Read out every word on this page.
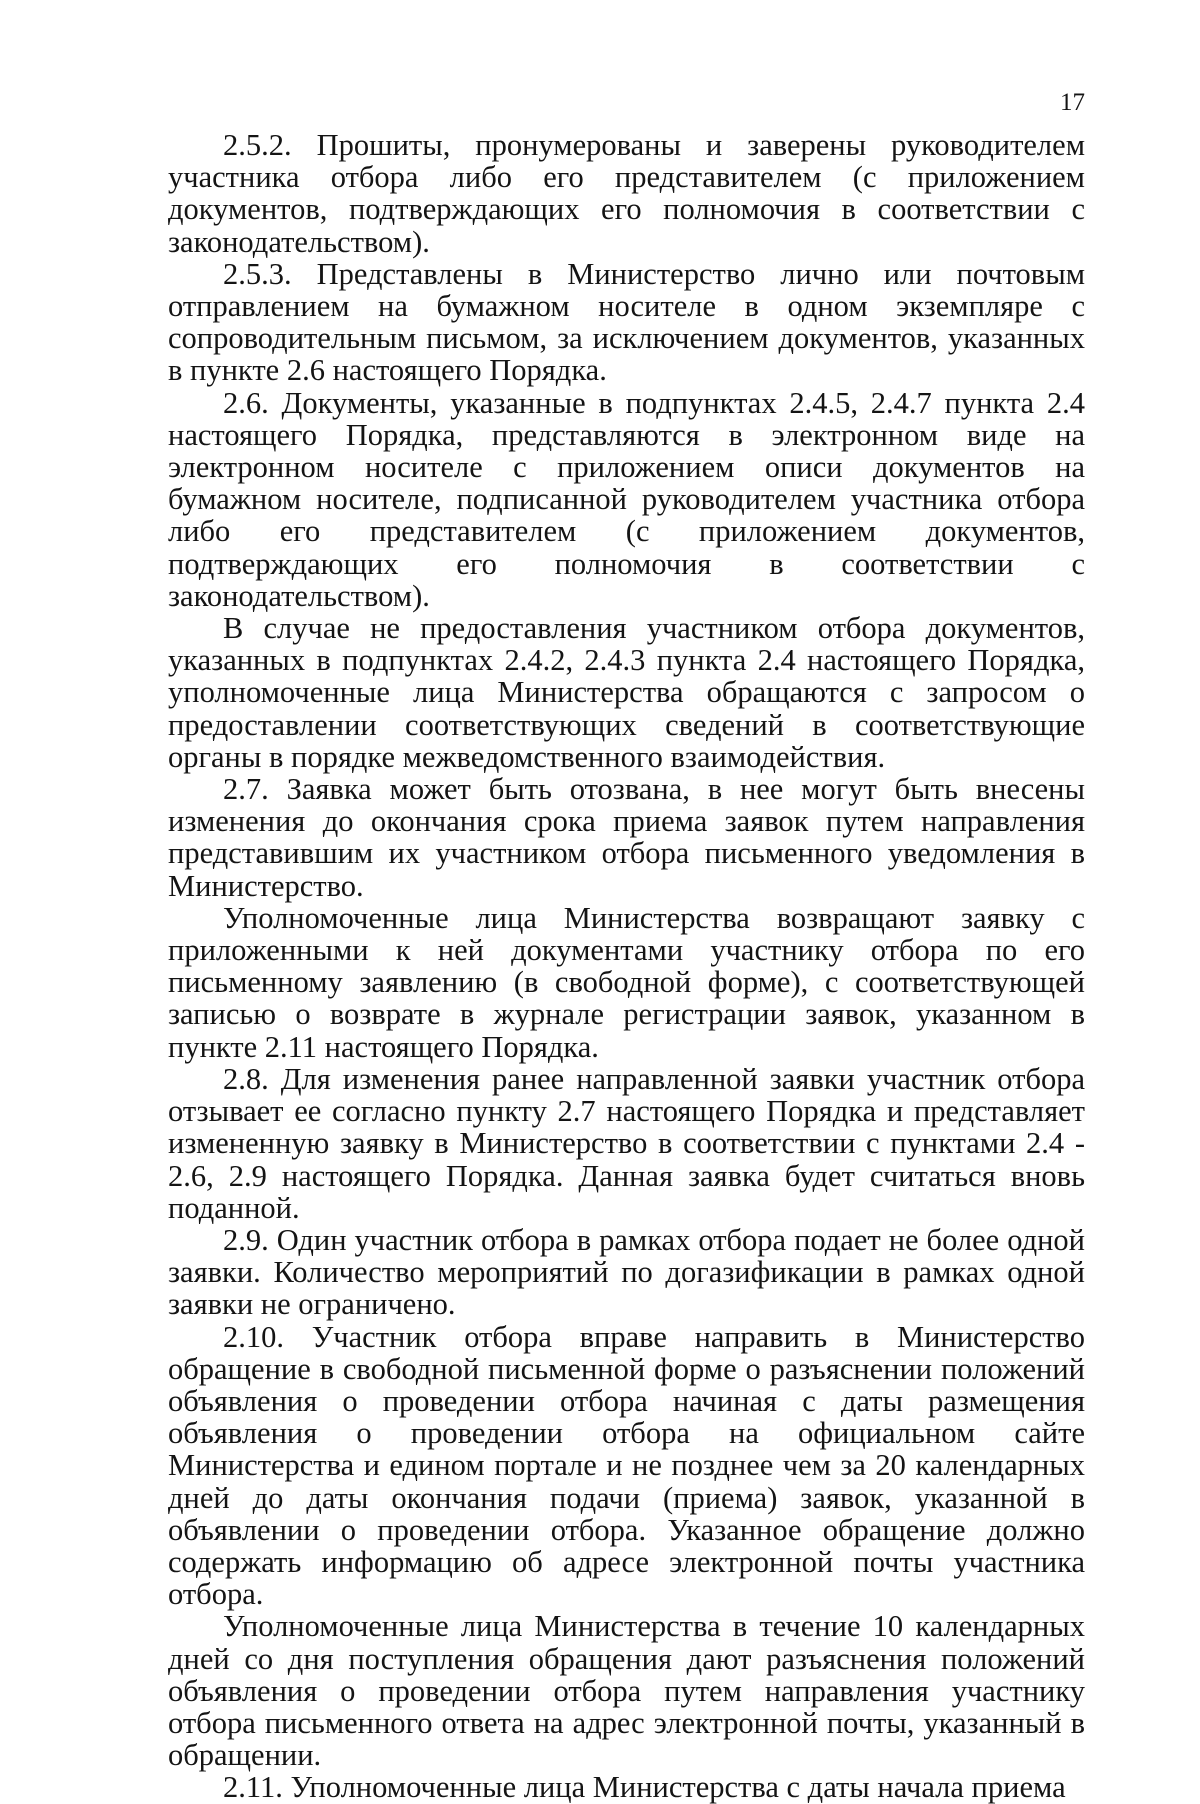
17

2.5.2. Прошиты, пронумерованы и заверены руководителем участника отбора либо его представителем (с приложением документов, подтверждающих его полномочия в соответствии с законодательством).

2.5.3. Представлены в Министерство лично или почтовым отправлением на бумажном носителе в одном экземпляре с сопроводительным письмом, за исключением документов, указанных в пункте 2.6 настоящего Порядка.

2.6. Документы, указанные в подпунктах 2.4.5, 2.4.7 пункта 2.4 настоящего Порядка, представляются в электронном виде на электронном носителе с приложением описи документов на бумажном носителе, подписанной руководителем участника отбора либо его представителем (с приложением документов, подтверждающих его полномочия в соответствии с законодательством).

В случае не предоставления участником отбора документов, указанных в подпунктах 2.4.2, 2.4.3 пункта 2.4 настоящего Порядка, уполномоченные лица Министерства обращаются с запросом о предоставлении соответствующих сведений в соответствующие органы в порядке межведомственного взаимодействия.

2.7. Заявка может быть отозвана, в нее могут быть внесены изменения до окончания срока приема заявок путем направления представившим их участником отбора письменного уведомления в Министерство.

Уполномоченные лица Министерства возвращают заявку с приложенными к ней документами участнику отбора по его письменному заявлению (в свободной форме), с соответствующей записью о возврате в журнале регистрации заявок, указанном в пункте 2.11 настоящего Порядка.

2.8. Для изменения ранее направленной заявки участник отбора отзывает ее согласно пункту 2.7 настоящего Порядка и представляет измененную заявку в Министерство в соответствии с пунктами 2.4 - 2.6, 2.9 настоящего Порядка. Данная заявка будет считаться вновь поданной.

2.9. Один участник отбора в рамках отбора подает не более одной заявки. Количество мероприятий по догазификации в рамках одной заявки не ограничено.

2.10. Участник отбора вправе направить в Министерство обращение в свободной письменной форме о разъяснении положений объявления о проведении отбора начиная с даты размещения объявления о проведении отбора на официальном сайте Министерства и едином портале и не позднее чем за 20 календарных дней до даты окончания подачи (приема) заявок, указанной в объявлении о проведении отбора. Указанное обращение должно содержать информацию об адресе электронной почты участника отбора.

Уполномоченные лица Министерства в течение 10 календарных дней со дня поступления обращения дают разъяснения положений объявления о проведении отбора путем направления участнику отбора письменного ответа на адрес электронной почты, указанный в обращении.

2.11. Уполномоченные лица Министерства с даты начала приема
